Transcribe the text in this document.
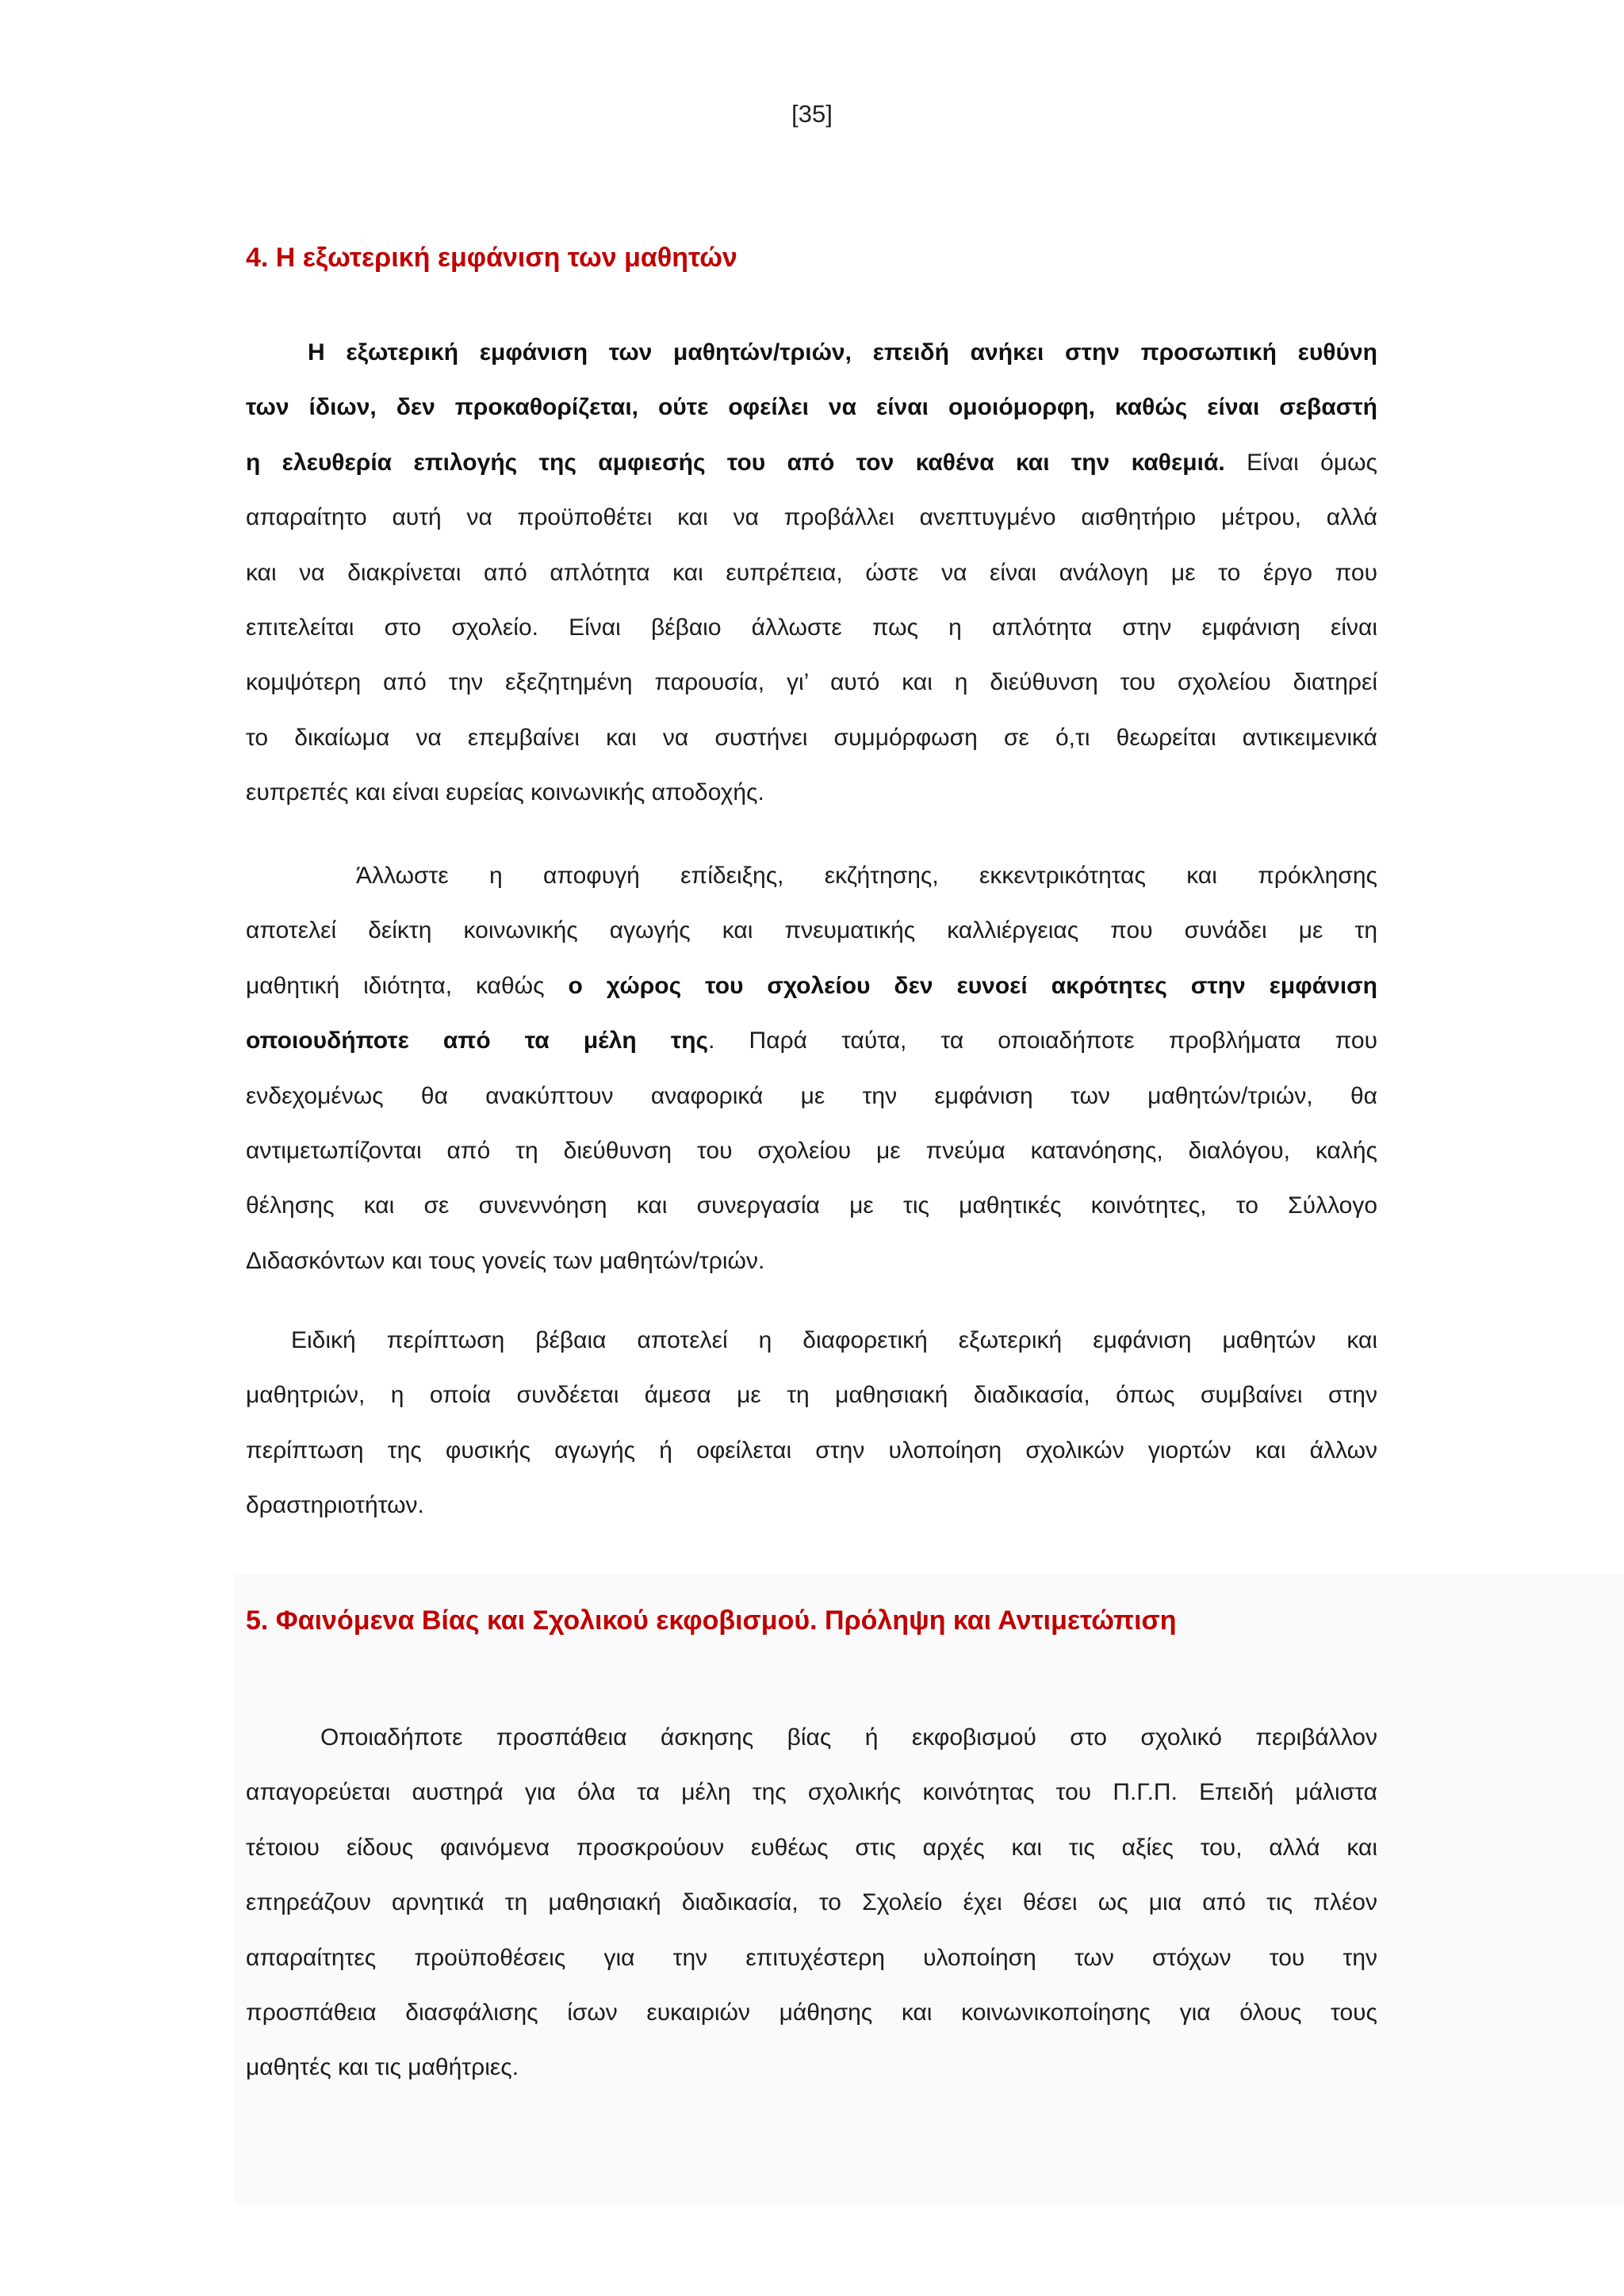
[35]
4. Η εξωτερική εμφάνιση των μαθητών
Η εξωτερική εμφάνιση των μαθητών/τριών, επειδή ανήκει στην προσωπική ευθύνη
των ίδιων, δεν προκαθορίζεται, ούτε οφείλει να είναι ομοιόμορφη, καθώς είναι σεβαστή
η ελευθερία επιλογής της αμφιεσής του από τον καθένα και την καθεμιά. Είναι όμως
απαραίτητο αυτή να προϋποθέτει και να προβάλλει ανεπτυγμένο αισθητήριο μέτρου, αλλά
και να διακρίνεται από απλότητα και ευπρέπεια, ώστε να είναι ανάλογη με το έργο που
επιτελείται στο σχολείο. Είναι βέβαιο άλλωστε πως η απλότητα στην εμφάνιση είναι
κομψότερη από την εξεζητημένη παρουσία, γι’ αυτό και η διεύθυνση του σχολείου διατηρεί
το δικαίωμα να επεμβαίνει και να συστήνει συμμόρφωση σε ό,τι θεωρείται αντικειμενικά
ευπρεπές και είναι ευρείας κοινωνικής αποδοχής.
Άλλωστε η αποφυγή επίδειξης, εκζήτησης, εκκεντρικότητας και πρόκλησης
αποτελεί δείκτη κοινωνικής αγωγής και πνευματικής καλλιέργειας που συνάδει με τη
μαθητική ιδιότητα, καθώς ο χώρος του σχολείου δεν ευνοεί ακρότητες στην εμφάνιση
οποιουδήποτε από τα μέλη της. Παρά ταύτα, τα οποιαδήποτε προβλήματα που
ενδεχομένως θα ανακύπτουν αναφορικά με την εμφάνιση των μαθητών/τριών, θα
αντιμετωπίζονται από τη διεύθυνση του σχολείου με πνεύμα κατανόησης, διαλόγου, καλής
θέλησης και σε συνεννόηση και συνεργασία με τις μαθητικές κοινότητες, το Σύλλογο
Διδασκόντων και τους γονείς των μαθητών/τριών.
Ειδική περίπτωση βέβαια αποτελεί η διαφορετική εξωτερική εμφάνιση μαθητών και
μαθητριών, η οποία συνδέεται άμεσα με τη μαθησιακή διαδικασία, όπως συμβαίνει στην
περίπτωση της φυσικής αγωγής ή οφείλεται στην υλοποίηση σχολικών γιορτών και άλλων
δραστηριοτήτων.
5. Φαινόμενα Βίας και Σχολικού εκφοβισμού. Πρόληψη και Αντιμετώπιση
Οποιαδήποτε προσπάθεια άσκησης βίας ή εκφοβισμού στο σχολικό περιβάλλον
απαγορεύεται αυστηρά για όλα τα μέλη της σχολικής κοινότητας του Π.Γ.Π. Επειδή μάλιστα
τέτοιου είδους φαινόμενα προσκρούουν ευθέως στις αρχές και τις αξίες του, αλλά και
επηρεάζουν αρνητικά τη μαθησιακή διαδικασία, το Σχολείο έχει θέσει ως μια από τις πλέον
απαραίτητες προϋποθέσεις για την επιτυχέστερη υλοποίηση των στόχων του την
προσπάθεια διασφάλισης ίσων ευκαιριών μάθησης και κοινωνικοποίησης για όλους τους
μαθητές και τις μαθήτριες.
